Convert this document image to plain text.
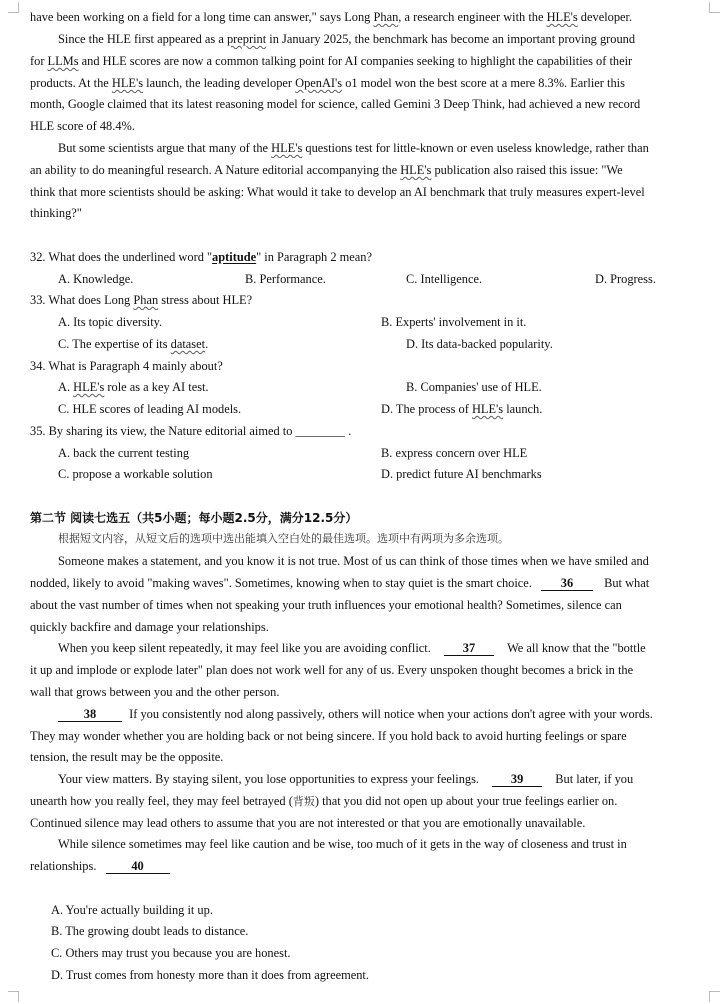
have been working on a field for a long time can answer," says Long Phan, a research engineer with the HLE's developer.
Since the HLE first appeared as a preprint in January 2025, the benchmark has become an important proving ground
for LLMs and HLE scores are now a common talking point for AI companies seeking to highlight the capabilities of their
products. At the HLE's launch, the leading developer OpenAI's o1 model won the best score at a mere 8.3%. Earlier this
month, Google claimed that its latest reasoning model for science, called Gemini 3 Deep Think, had achieved a new record
HLE score of 48.4%.
But some scientists argue that many of the HLE's questions test for little-known or even useless knowledge, rather than
an ability to do meaningful research. A Nature editorial accompanying the HLE's publication also raised this issue: "We
think that more scientists should be asking: What would it take to develop an AI benchmark that truly measures expert-level
thinking?"
32. What does the underlined word "aptitude" in Paragraph 2 mean?
A. Knowledge.	B. Performance.	C. Intelligence.	D. Progress.
33. What does Long Phan stress about HLE?
A. Its topic diversity.	B. Experts' involvement in it.
C. The expertise of its dataset.	D. Its data-backed popularity.
34. What is Paragraph 4 mainly about?
A. HLE's role as a key AI test.	B. Companies' use of HLE.
C. HLE scores of leading AI models.	D. The process of HLE's launch.
35. By sharing its view, the Nature editorial aimed to ________ .
A. back the current testing	B. express concern over HLE
C. propose a workable solution	D. predict future AI benchmarks
第二节 阅读七选五（共5小题；每小题2.5分，满分12.5分）
根据短文内容，从短文后的选项中选出能填入空白处的最佳选项。选项中有两项为多余选项。
Someone makes a statement, and you know it is not true. Most of us can think of those times when we have smiled and
nodded, likely to avoid "making waves". Sometimes, knowing when to stay quiet is the smart choice. 36 But what
about the vast number of times when not speaking your truth influences your emotional health? Sometimes, silence can
quickly backfire and damage your relationships.
When you keep silent repeatedly, it may feel like you are avoiding conflict.	37	We all know that the "bottle
it up and implode or explode later" plan does not work well for any of us. Every unspoken thought becomes a brick in the
wall that grows between you and the other person.
38	If you consistently nod along passively, others will notice when your actions don't agree with your words.
They may wonder whether you are holding back or not being sincere. If you hold back to avoid hurting feelings or spare
tension, the result may be the opposite.
Your view matters. By staying silent, you lose opportunities to express your feelings.	39	But later, if you
unearth how you really feel, they may feel betrayed (背叛) that you did not open up about your true feelings earlier on.
Continued silence may lead others to assume that you are not interested or that you are emotionally unavailable.
While silence sometimes may feel like caution and be wise, too much of it gets in the way of closeness and trust in
relationships.	40
A. You're actually building it up.
B. The growing doubt leads to distance.
C. Others may trust you because you are honest.
D. Trust comes from honesty more than it does from agreement.
